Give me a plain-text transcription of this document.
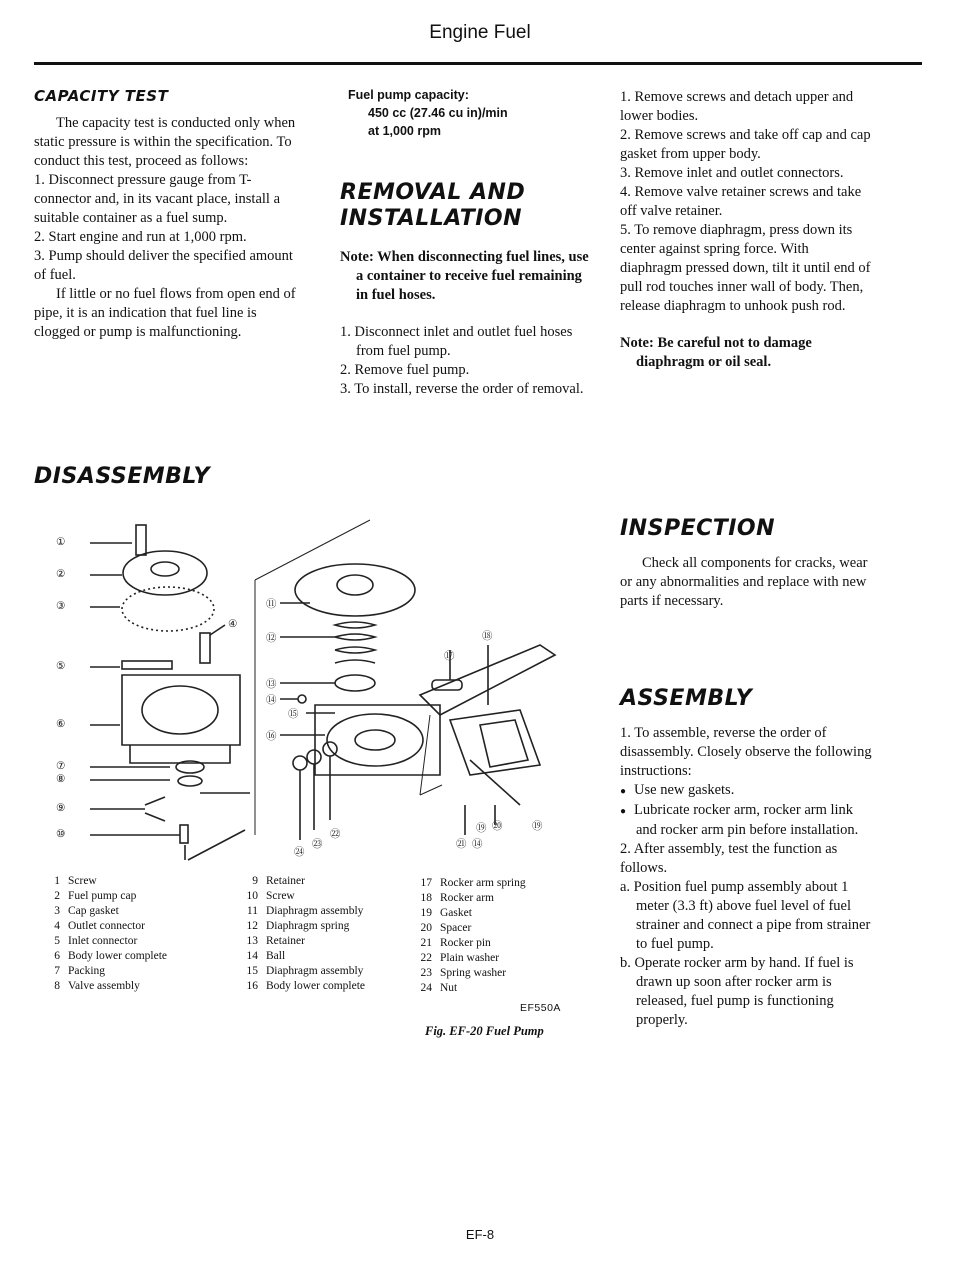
Engine Fuel
CAPACITY TEST

The capacity test is conducted only when static pressure is within the specification. To conduct this test, proceed as follows:

1. Disconnect pressure gauge from T-connector and, in its vacant place, install a suitable container as a fuel sump.

2. Start engine and run at 1,000 rpm.

3. Pump should deliver the specified amount of fuel.

If little or no fuel flows from open end of pipe, it is an indication that fuel line is clogged or pump is malfunctioning.

Fuel pump capacity:
450 cc (27.46 cu in)/min
at 1,000 rpm
REMOVAL AND
INSTALLATION

Note: When disconnecting fuel lines, use a container to receive fuel remaining in fuel hoses.

1. Disconnect inlet and outlet fuel hoses from fuel pump.

2. Remove fuel pump.

3. To install, reverse the order of removal.

1. Remove screws and detach upper and lower bodies.

2. Remove screws and take off cap and cap gasket from upper body.

3. Remove inlet and outlet connectors.

4. Remove valve retainer screws and take off valve retainer.

5. To remove diaphragm, press down its center against spring force. With diaphragm pressed down, tilt it until end of pull rod touches inner wall of body. Then, release diaphragm to unhook push rod.

Note: Be careful not to damage diaphragm or oil seal.

DISASSEMBLY
①
②
③
⑤
④
⑥
⑦
⑧
⑨
⑩
⑪
⑫
⑬
⑭
⑮
⑯
⑰
⑱
㉔
㉓
㉒
㉑ ⑭
⑲ ⑳	⑲
1 Screw
2 Fuel pump cap
3 Cap gasket
4 Outlet connector
5 Inlet connector
6 Body lower complete
7 Packing
8 Valve assembly
9 Retainer
10 Screw
11 Diaphragm assembly
12 Diaphragm spring
13 Retainer
14 Ball
15 Diaphragm assembly
16 Body lower complete
17 Rocker arm spring
18 Rocker arm
19 Gasket
20 Spacer
21 Rocker pin
22 Plain washer
23 Spring washer
24 Nut
EF550A
Fig. EF-20 Fuel Pump
INSPECTION

Check all components for cracks, wear or any abnormalities and replace with new parts if necessary.

ASSEMBLY

1. To assemble, reverse the order of disassembly. Closely observe the following instructions:

● Use new gaskets.
● Lubricate rocker arm, rocker arm link and rocker arm pin before installation.

2. After assembly, test the function as follows.

a. Position fuel pump assembly about 1 meter (3.3 ft) above fuel level of fuel strainer and connect a pipe from strainer to fuel pump.

b. Operate rocker arm by hand. If fuel is drawn up soon after rocker arm is released, fuel pump is functioning properly.

EF-8
